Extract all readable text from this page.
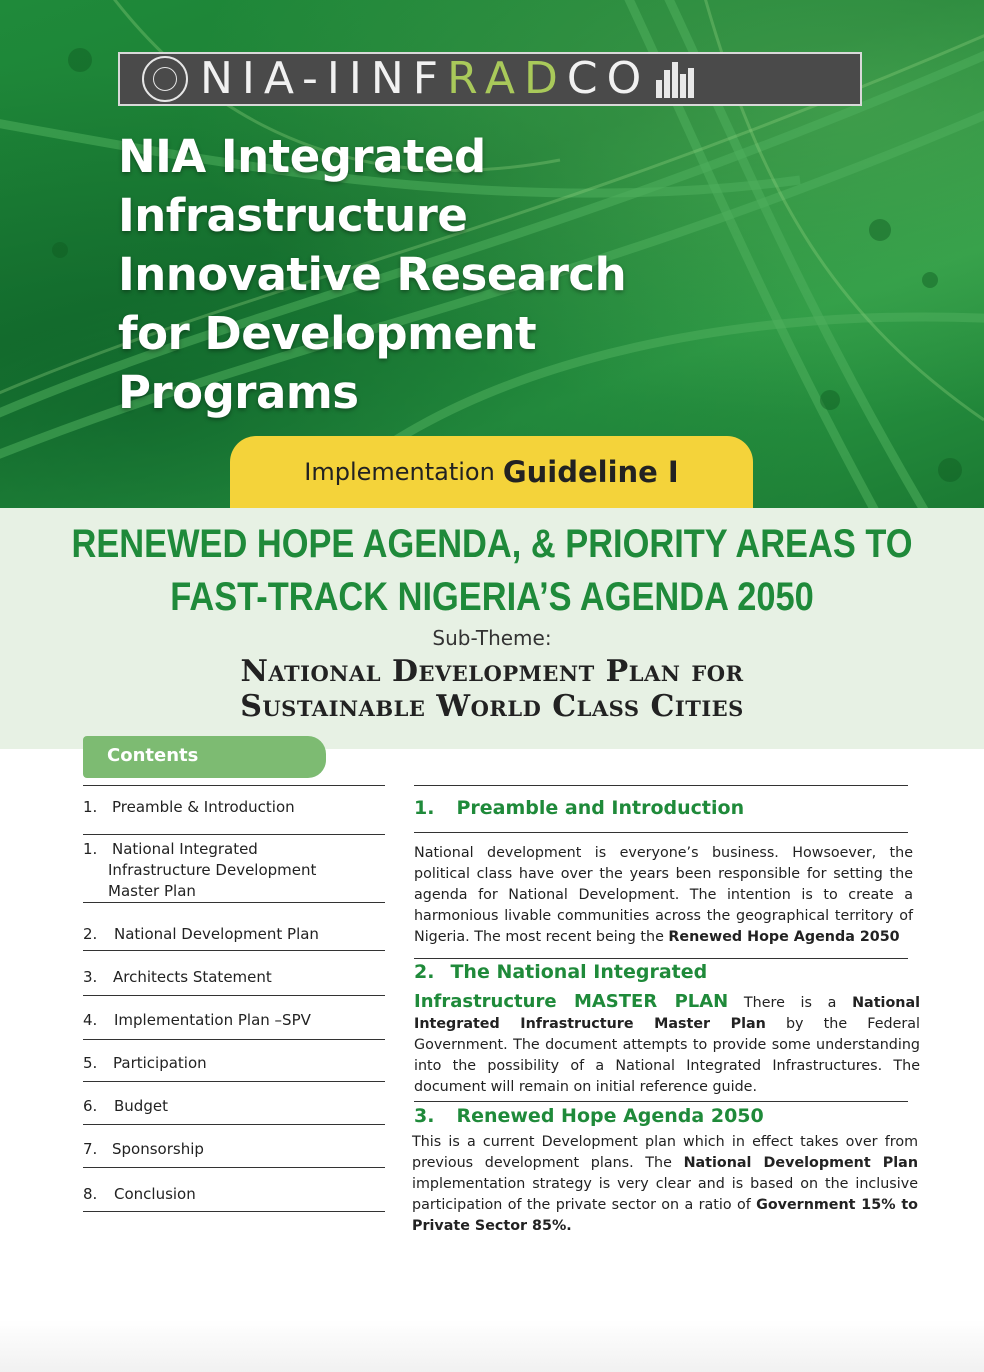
NIA-IINFRADCO
NIA Integrated
Infrastructure
Innovative Research
for Development
Programs
Implementation Guideline I
RENEWED HOPE AGENDA, & PRIORITY AREAS TO
FAST-TRACK NIGERIA’S AGENDA 2050
Sub-Theme:
National Development Plan for
Sustainable World Class Cities
Contents
1. Preamble & Introduction
1. National Integrated
Infrastructure Development
Master Plan
2.	National Development Plan
3.	Architects Statement
4.	Implementation Plan –SPV
5.	Participation
6.	Budget
7. Sponsorship
8.	Conclusion
1. Preamble and Introduction

National development is everyone’s business. Howsoever, the political class have over the years been responsible for setting the agenda for National Development. The intention is to create a harmonious livable communities across the geographical territory of Nigeria. The most recent being the Renewed Hope Agenda 2050

2. The National Integrated

Infrastructure MASTER PLAN There is a National Integrated Infrastructure Master Plan by the Federal Government. The document attempts to provide some understanding into the possibility of a National Integrated Infrastructures. The document will remain on initial reference guide.

3. Renewed Hope Agenda 2050

This is a current Development plan which in effect takes over from previous development plans. The National Development Plan implementation strategy is very clear and is based on the inclusive participation of the private sector on a ratio of Government 15% to Private Sector 85%.
